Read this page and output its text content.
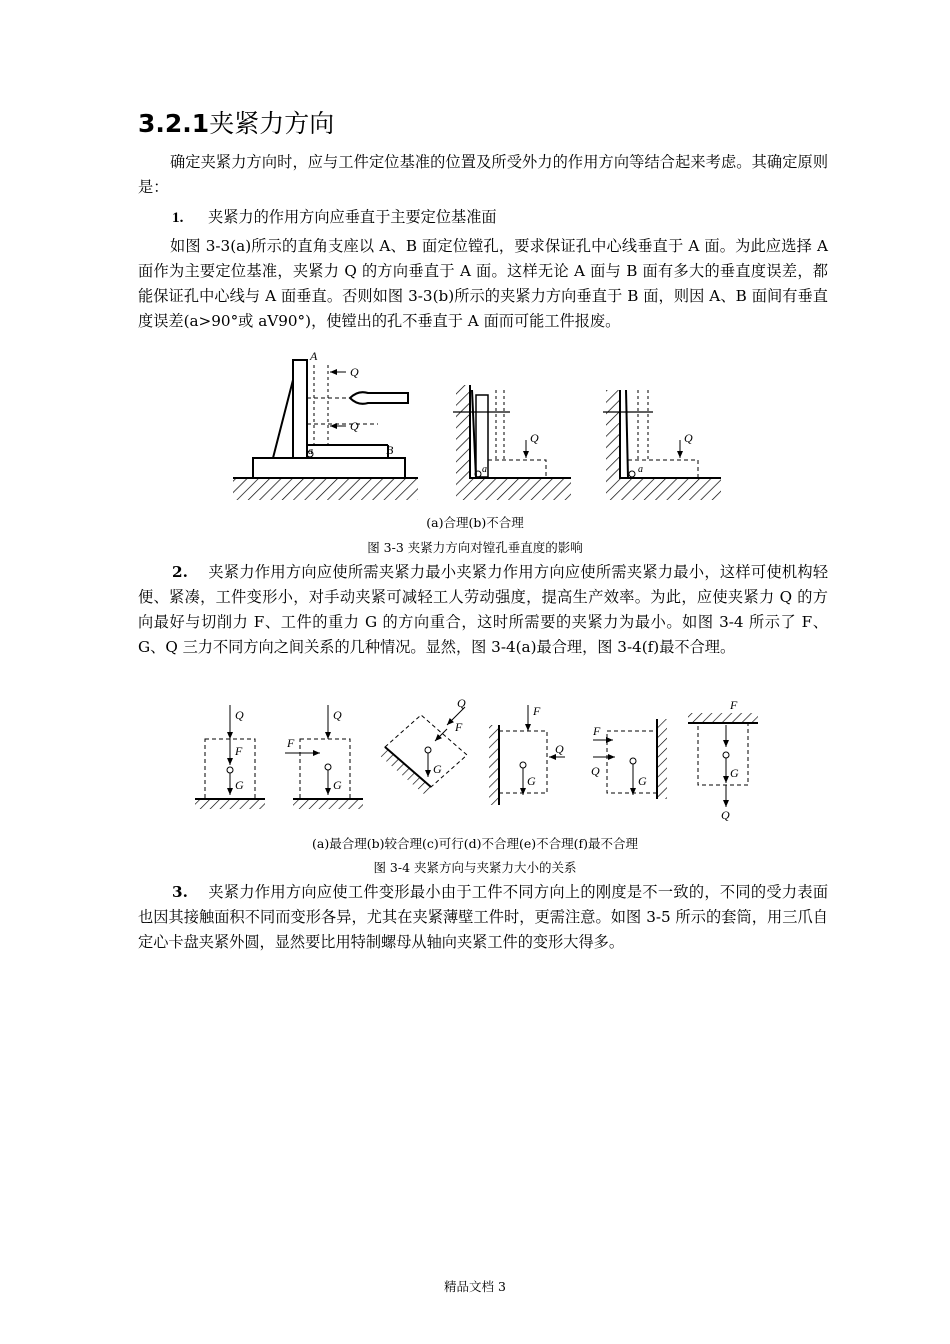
3.2.1夹紧力方向

确定夹紧力方向时，应与工件定位基准的位置及所受外力的作用方向等结合起来考虑。其确定原则是：

1. 夹紧力的作用方向应垂直于主要定位基准面

如图 3-3(a)所示的直角支座以 A、B 面定位镗孔，要求保证孔中心线垂直于 A 面。为此应选择 A 面作为主要定位基准，夹紧力 Q 的方向垂直于 A 面。这样无论 A 面与 B 面有多大的垂直度误差，都能保证孔中心线与 A 面垂直。否则如图 3-3(b)所示的夹紧力方向垂直于 B 面，则因 A、B 面间有垂直度误差(a>90°或 aV90°)，使镗出的孔不垂直于 A 面而可能工件报废。

A
Q
Q
B
a
Q
a
Q
a
(a)合理(b)不合理
图 3-3 夹紧力方向对镗孔垂直度的影响

2. 夹紧力作用方向应使所需夹紧力最小夹紧力作用方向应使所需夹紧力最小，这样可使机构轻便、紧凑，工件变形小，对手动夹紧可减轻工人劳动强度，提高生产效率。为此，应使夹紧力 Q 的方向最好与切削力 F、工件的重力 G 的方向重合，这时所需要的夹紧力为最小。如图 3-4 所示了 F、G、Q 三力不同方向之间关系的几种情况。显然，图 3-4(a)最合理，图 3-4(f)最不合理。

Q
F
G
Q
F
G
Q
F
G
F
Q
G
F
Q
G
F
G
Q
(a)最合理(b)较合理(c)可行(d)不合理(e)不合理(f)最不合理
图 3-4 夹紧方向与夹紧力大小的关系

3. 夹紧力作用方向应使工件变形最小由于工件不同方向上的刚度是不一致的，不同的受力表面也因其接触面积不同而变形各异，尤其在夹紧薄壁工件时，更需注意。如图 3-5 所示的套筒，用三爪自定心卡盘夹紧外圆，显然要比用特制螺母从轴向夹紧工件的变形大得多。

精品文档 3
